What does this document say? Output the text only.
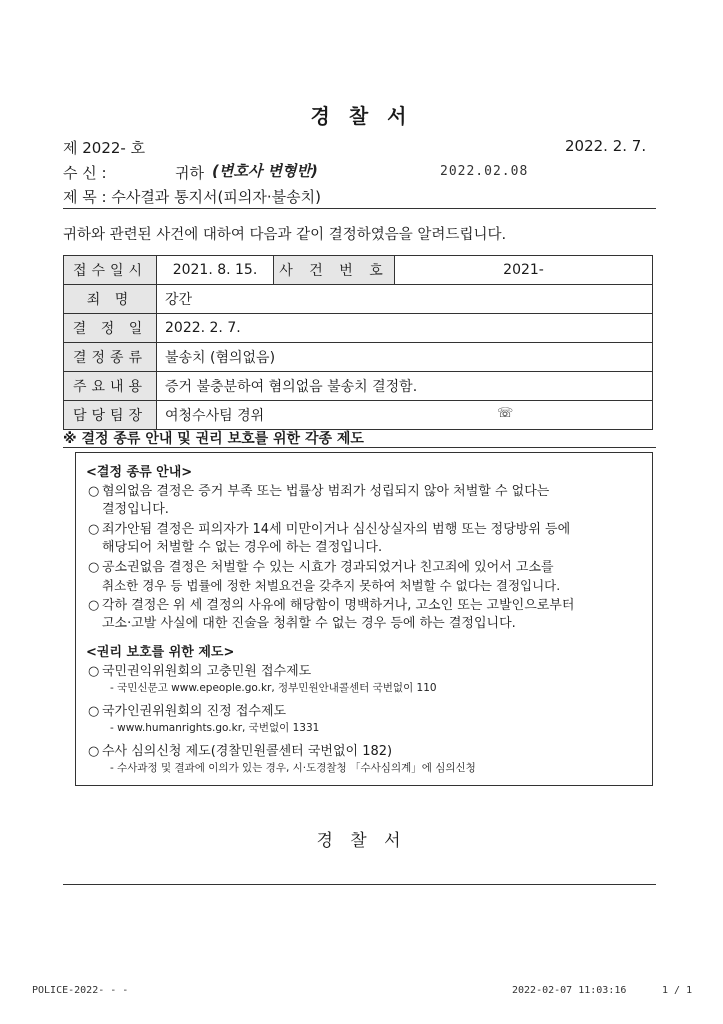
경 찰 서
제 2022- 호	2022. 2. 7.
수 신 :	귀하 (변호사 변형반)	2022.02.08
제 목 : 수사결과 통지서(피의자·불송치)
귀하와 관련된 사건에 대하여 다음과 같이 결정하였음을 알려드립니다.
접수일시	2021. 8. 15.	사 건 번 호	2021-
죄 명	강간		
결 정 일	2022. 2. 7.		
결정종류	불송치 (혐의없음)		
주요내용	증거 불충분하여 혐의없음 불송치 결정함.		
담당팀장	여청수사팀 경위 ☏		
※ 결정 종류 안내 및 권리 보호를 위한 각종 제도
<결정 종류 안내>
○ 혐의없음 결정은 증거 부족 또는 법률상 범죄가 성립되지 않아 처벌할 수 없다는
결정입니다.
○ 죄가안됨 결정은 피의자가 14세 미만이거나 심신상실자의 범행 또는 정당방위 등에
해당되어 처벌할 수 없는 경우에 하는 결정입니다.
○ 공소권없음 결정은 처벌할 수 있는 시효가 경과되었거나 친고죄에 있어서 고소를
취소한 경우 등 법률에 정한 처벌요건을 갖추지 못하여 처벌할 수 없다는 결정입니다.
○ 각하 결정은 위 세 결정의 사유에 해당함이 명백하거나, 고소인 또는 고발인으로부터
고소·고발 사실에 대한 진술을 청취할 수 없는 경우 등에 하는 결정입니다.
<권리 보호를 위한 제도>
○ 국민권익위원회의 고충민원 접수제도
- 국민신문고 www.epeople.go.kr, 정부민원안내콜센터 국번없이 110
○ 국가인권위원회의 진정 접수제도
- www.humanrights.go.kr, 국번없이 1331
○ 수사 심의신청 제도(경찰민원콜센터 국번없이 182)
- 수사과정 및 결과에 이의가 있는 경우, 시·도경찰청 「수사심의계」에 심의신청
경 찰 서
POLICE-2022- - -	2022-02-07 11:03:16	1 / 1
